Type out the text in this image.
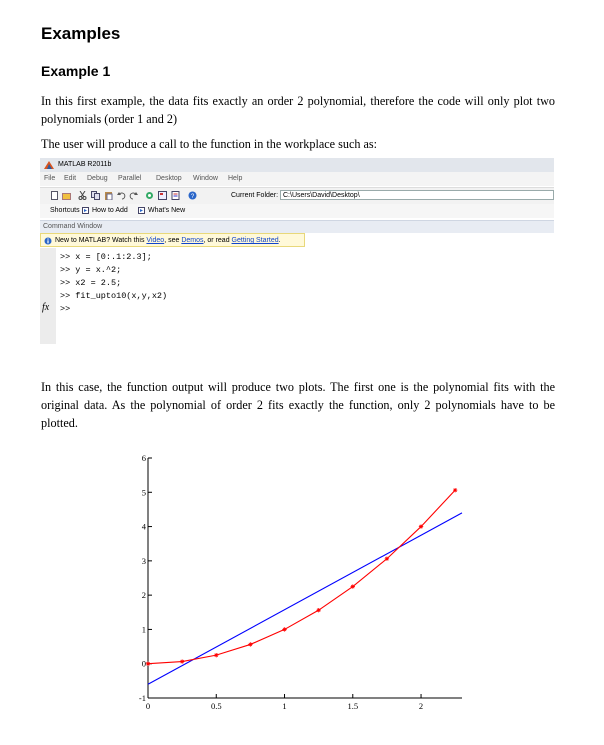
Examples
Example 1
In this first example, the data fits exactly an order 2 polynomial, therefore the code will only plot two polynomials (order 1 and 2)
The user will produce a call to the function in the workplace such as:
MATLAB R2011b
File Edit Debug Parallel Desktop Window Help
?	Current Folder: C:\Users\David\Desktop\
Shortcuts How to Add	What's New
Command Window
New to MATLAB? Watch this Video, see Demos, or read Getting Started.
>> x = [0:.1:2.3];
>> y = x.^2;
>> x2 = 2.5;
>> fit_upto10(x,y,x2)
fx >>
In this case, the function output will produce two plots. The first one is the polynomial fits with the original data. As the polynomial of order 2 fits exactly the function, only 2 polynomials have to be plotted.
-1
0
1
2
3
4
5
6
0	0.5	1	1.5	2
